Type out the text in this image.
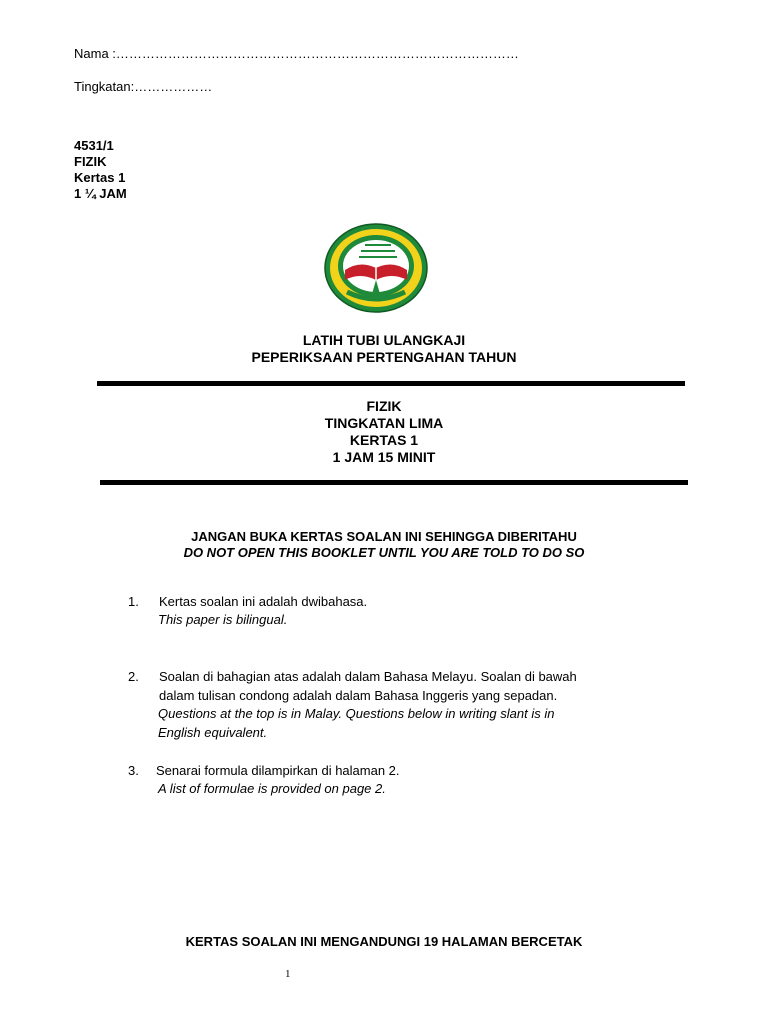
Nama :…………………………………………………………………………………
Tingkatan:………………
4531/1
FIZIK
Kertas 1
1 ¼ JAM
LATIH TUBI ULANGKAJI
PEPERIKSAAN PERTENGAHAN TAHUN
FIZIK
TINGKATAN LIMA
KERTAS 1
1 JAM 15 MINIT
JANGAN BUKA KERTAS SOALAN INI SEHINGGA DIBERITAHU
DO NOT OPEN THIS BOOKLET UNTIL YOU ARE TOLD TO DO SO
1. Kertas soalan ini adalah dwibahasa.
This paper is bilingual.
2. Soalan di bahagian atas adalah dalam Bahasa Melayu. Soalan di bawah
dalam tulisan condong adalah dalam Bahasa Inggeris yang sepadan.
Questions at the top is in Malay. Questions below in writing slant is in
English equivalent.
3. Senarai formula dilampirkan di halaman 2.
A list of formulae is provided on page 2.
KERTAS SOALAN INI MENGANDUNGI 19 HALAMAN BERCETAK
1
